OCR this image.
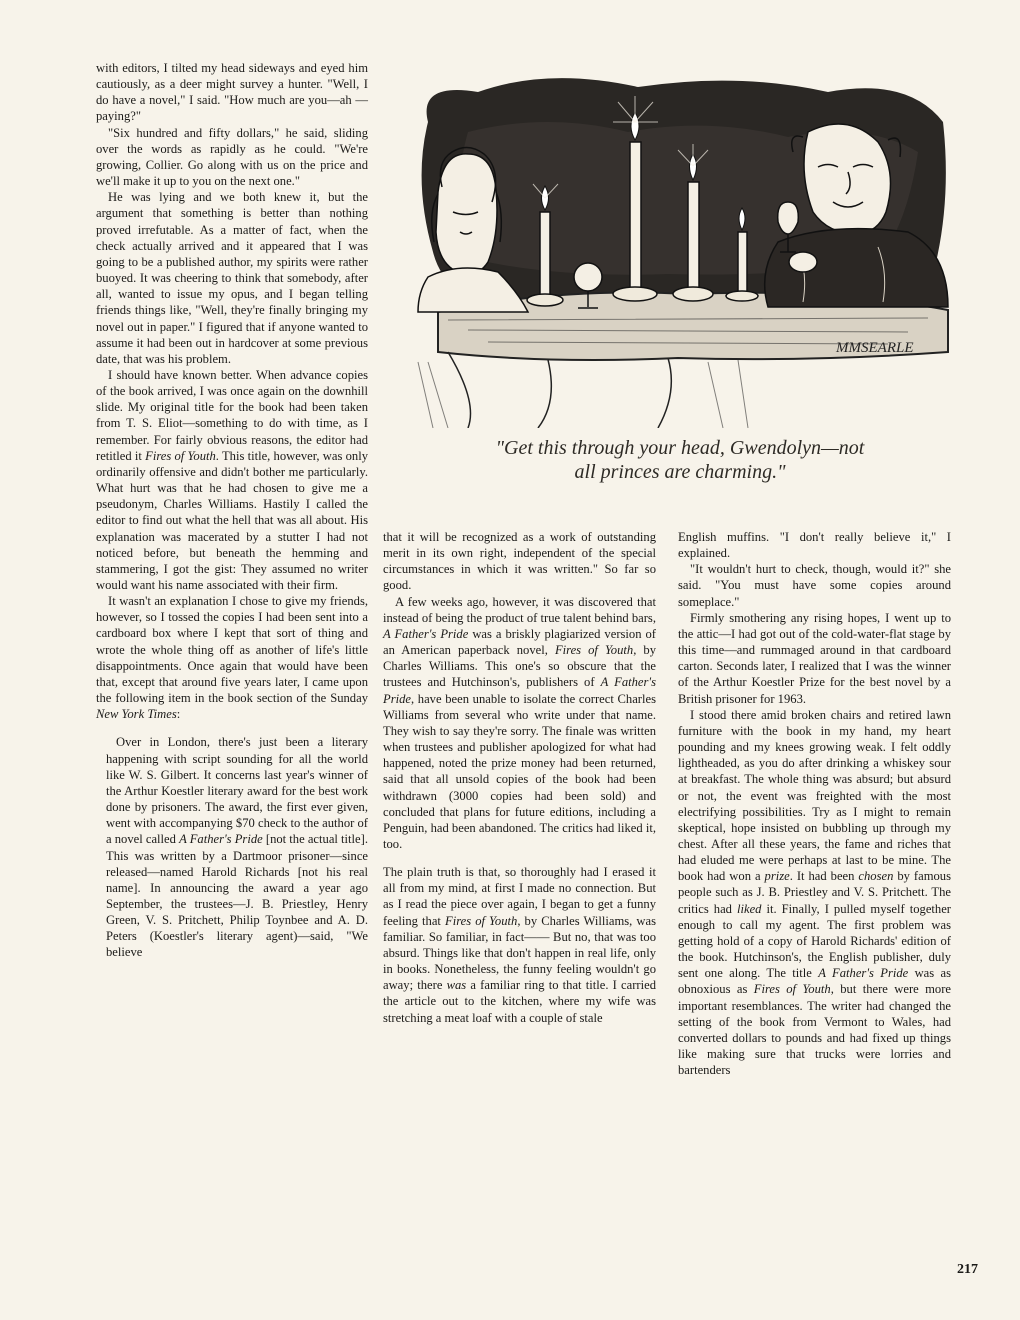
with editors, I tilted my head sideways and eyed him cautiously, as a deer might survey a hunter. "Well, I do have a novel," I said. "How much are you—ah —paying?"

"Six hundred and fifty dollars," he said, sliding over the words as rapidly as he could. "We're growing, Collier. Go along with us on the price and we'll make it up to you on the next one."

He was lying and we both knew it, but the argument that something is better than nothing proved irrefutable. As a matter of fact, when the check actually arrived and it appeared that I was going to be a published author, my spirits were rather buoyed. It was cheering to think that somebody, after all, wanted to issue my opus, and I began telling friends things like, "Well, they're finally bringing my novel out in paper." I figured that if anyone wanted to assume it had been out in hardcover at some previous date, that was his problem.

I should have known better. When advance copies of the book arrived, I was once again on the downhill slide. My original title for the book had been taken from T. S. Eliot—something to do with time, as I remember. For fairly obvious reasons, the editor had retitled it Fires of Youth. This title, however, was only ordinarily offensive and didn't bother me particularly. What hurt was that he had chosen to give me a pseudonym, Charles Williams. Hastily I called the editor to find out what the hell that was all about. His explanation was macerated by a stutter I had not noticed before, but beneath the hemming and stammering, I got the gist: They assumed no writer would want his name associated with their firm.

It wasn't an explanation I chose to give my friends, however, so I tossed the copies I had been sent into a cardboard box where I kept that sort of thing and wrote the whole thing off as another of life's little disappointments. Once again that would have been that, except that around five years later, I came upon the following item in the book section of the Sunday New York Times:

Over in London, there's just been a literary happening with script sounding for all the world like W. S. Gilbert. It concerns last year's winner of the Arthur Koestler literary award for the best work done by prisoners. The award, the first ever given, went with accompanying $70 check to the author of a novel called A Father's Pride [not the actual title]. This was written by a Dartmoor prisoner—since released—named Harold Richards [not his real name]. In announcing the award a year ago September, the trustees—J. B. Priestley, Henry Green, V. S. Pritchett, Philip Toynbee and A. D. Peters (Koestler's literary agent)—said, "We believe

MMSEARLE
"Get this through your head, Gwendolyn—not
all princes are charming."

that it will be recognized as a work of outstanding merit in its own right, independent of the special circumstances in which it was written." So far so good.

A few weeks ago, however, it was discovered that instead of being the product of true talent behind bars, A Father's Pride was a briskly plagiarized version of an American paperback novel, Fires of Youth, by Charles Williams. This one's so obscure that the trustees and Hutchinson's, publishers of A Father's Pride, have been unable to isolate the correct Charles Williams from several who write under that name. They wish to say they're sorry. The finale was written when trustees and publisher apologized for what had happened, noted the prize money had been returned, said that all unsold copies of the book had been withdrawn (3000 copies had been sold) and concluded that plans for future editions, including a Penguin, had been abandoned. The critics had liked it, too.

The plain truth is that, so thoroughly had I erased it all from my mind, at first I made no connection. But as I read the piece over again, I began to get a funny feeling that Fires of Youth, by Charles Williams, was familiar. So familiar, in fact—— But no, that was too absurd. Things like that don't happen in real life, only in books. Nonetheless, the funny feeling wouldn't go away; there was a familiar ring to that title. I carried the article out to the kitchen, where my wife was stretching a meat loaf with a couple of stale

English muffins. "I don't really believe it," I explained.

"It wouldn't hurt to check, though, would it?" she said. "You must have some copies around someplace."

Firmly smothering any rising hopes, I went up to the attic—I had got out of the cold-water-flat stage by this time—and rummaged around in that cardboard carton. Seconds later, I realized that I was the winner of the Arthur Koestler Prize for the best novel by a British prisoner for 1963.

I stood there amid broken chairs and retired lawn furniture with the book in my hand, my heart pounding and my knees growing weak. I felt oddly lightheaded, as you do after drinking a whiskey sour at breakfast. The whole thing was absurd; but absurd or not, the event was freighted with the most electrifying possibilities. Try as I might to remain skeptical, hope insisted on bubbling up through my chest. After all these years, the fame and riches that had eluded me were perhaps at last to be mine. The book had won a prize. It had been chosen by famous people such as J. B. Priestley and V. S. Pritchett. The critics had liked it. Finally, I pulled myself together enough to call my agent. The first problem was getting hold of a copy of Harold Richards' edition of the book. Hutchinson's, the English publisher, duly sent one along. The title A Father's Pride was as obnoxious as Fires of Youth, but there were more important resemblances. The writer had changed the setting of the book from Vermont to Wales, had converted dollars to pounds and had fixed up things like making sure that trucks were lorries and bartenders

217
